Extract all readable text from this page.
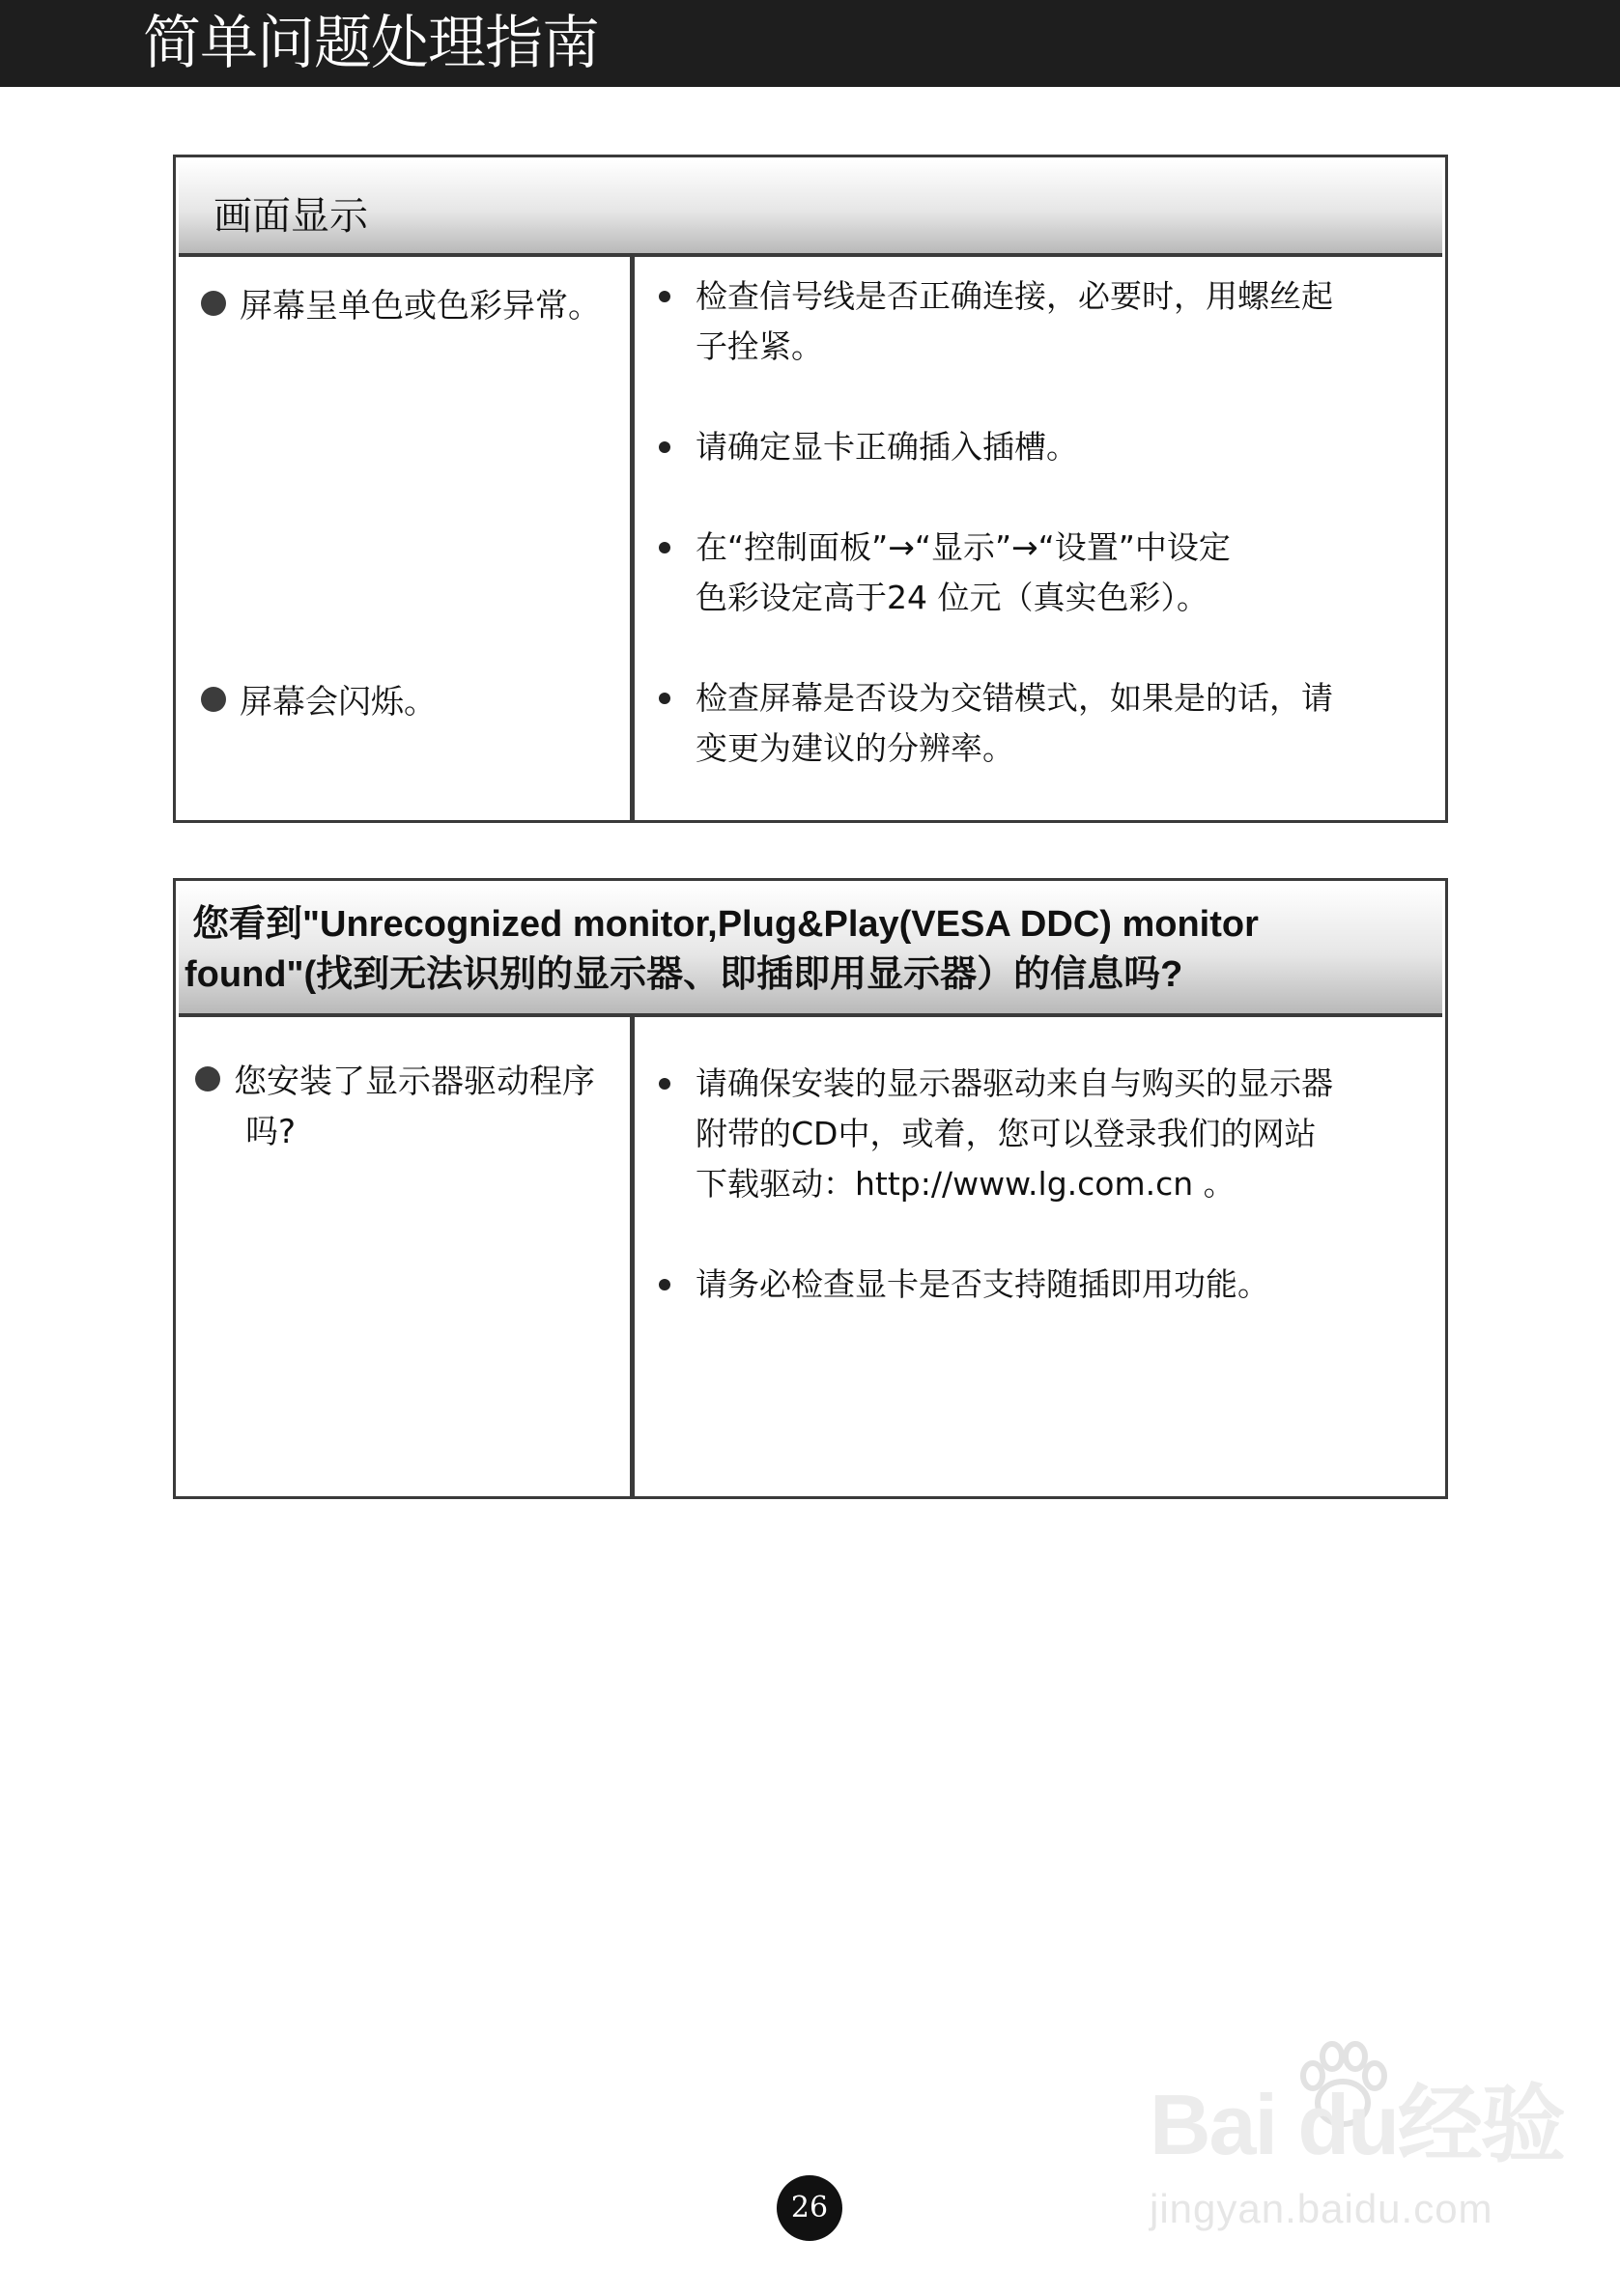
简单问题处理指南
画面显示
屏幕呈单色或色彩异常。
屏幕会闪烁。
检查信号线是否正确连接，必要时，用螺丝起
子拴紧。
请确定显卡正确插入插槽。
在“控制面板”→“显示”→“设置”中设定
色彩设定高于24 位元（真实色彩）。
检查屏幕是否设为交错模式，如果是的话，请
变更为建议的分辨率。
您看到"Unrecognized monitor,Plug&Play(VESA DDC) monitor
found"(找到无法识别的显示器、即插即用显示器）的信息吗?
您安装了显示器驱动程序
吗?
请确保安装的显示器驱动来自与购买的显示器
附带的CD中，或着，您可以登录我们的网站
下载驱动：http://www.lg.com.cn 。
请务必检查显卡是否支持随插即用功能。
Bai du经验
jingyan.baidu.com
26
